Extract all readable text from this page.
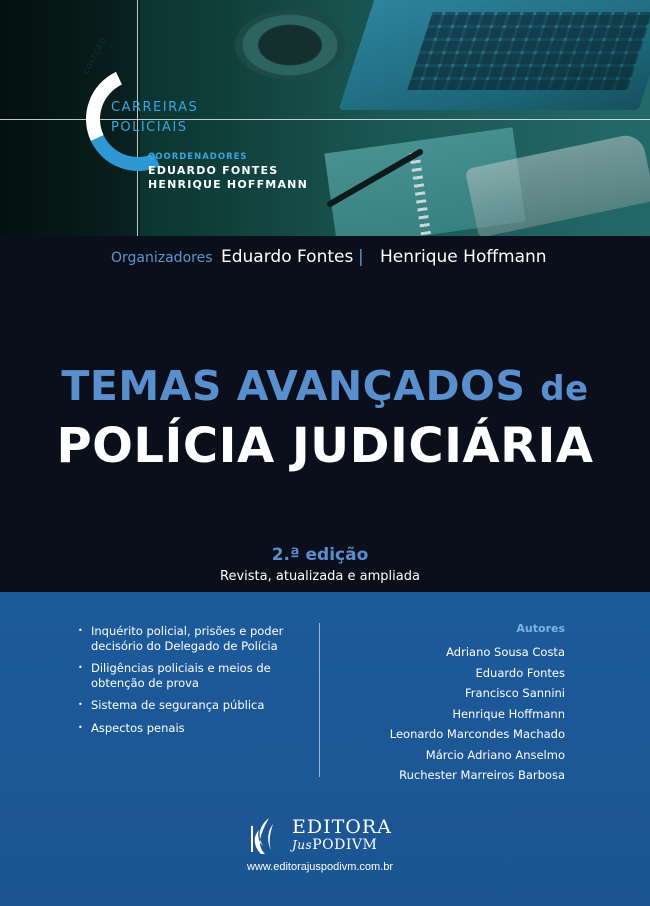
COLEÇÃO
CARREIRAS
POLICIAIS
COORDENADORES
EDUARDO FONTES
HENRIQUE HOFFMANN
Organizadores Eduardo Fontes | Henrique Hoffmann
TEMAS AVANÇADOS de
POLÍCIA JUDICIÁRIA
2.ª edição
Revista, atualizada e ampliada
• Inquérito policial, prisões e poder decisório do Delegado de Polícia
• Diligências policiais e meios de obtenção de prova
• Sistema de segurança pública
• Aspectos penais
Autores
Adriano Sousa Costa
Eduardo Fontes
Francisco Sannini
Henrique Hoffmann
Leonardo Marcondes Machado
Márcio Adriano Anselmo
Ruchester Marreiros Barbosa
EDITORA
JusPODIVM
www.editorajuspodivm.com.br
